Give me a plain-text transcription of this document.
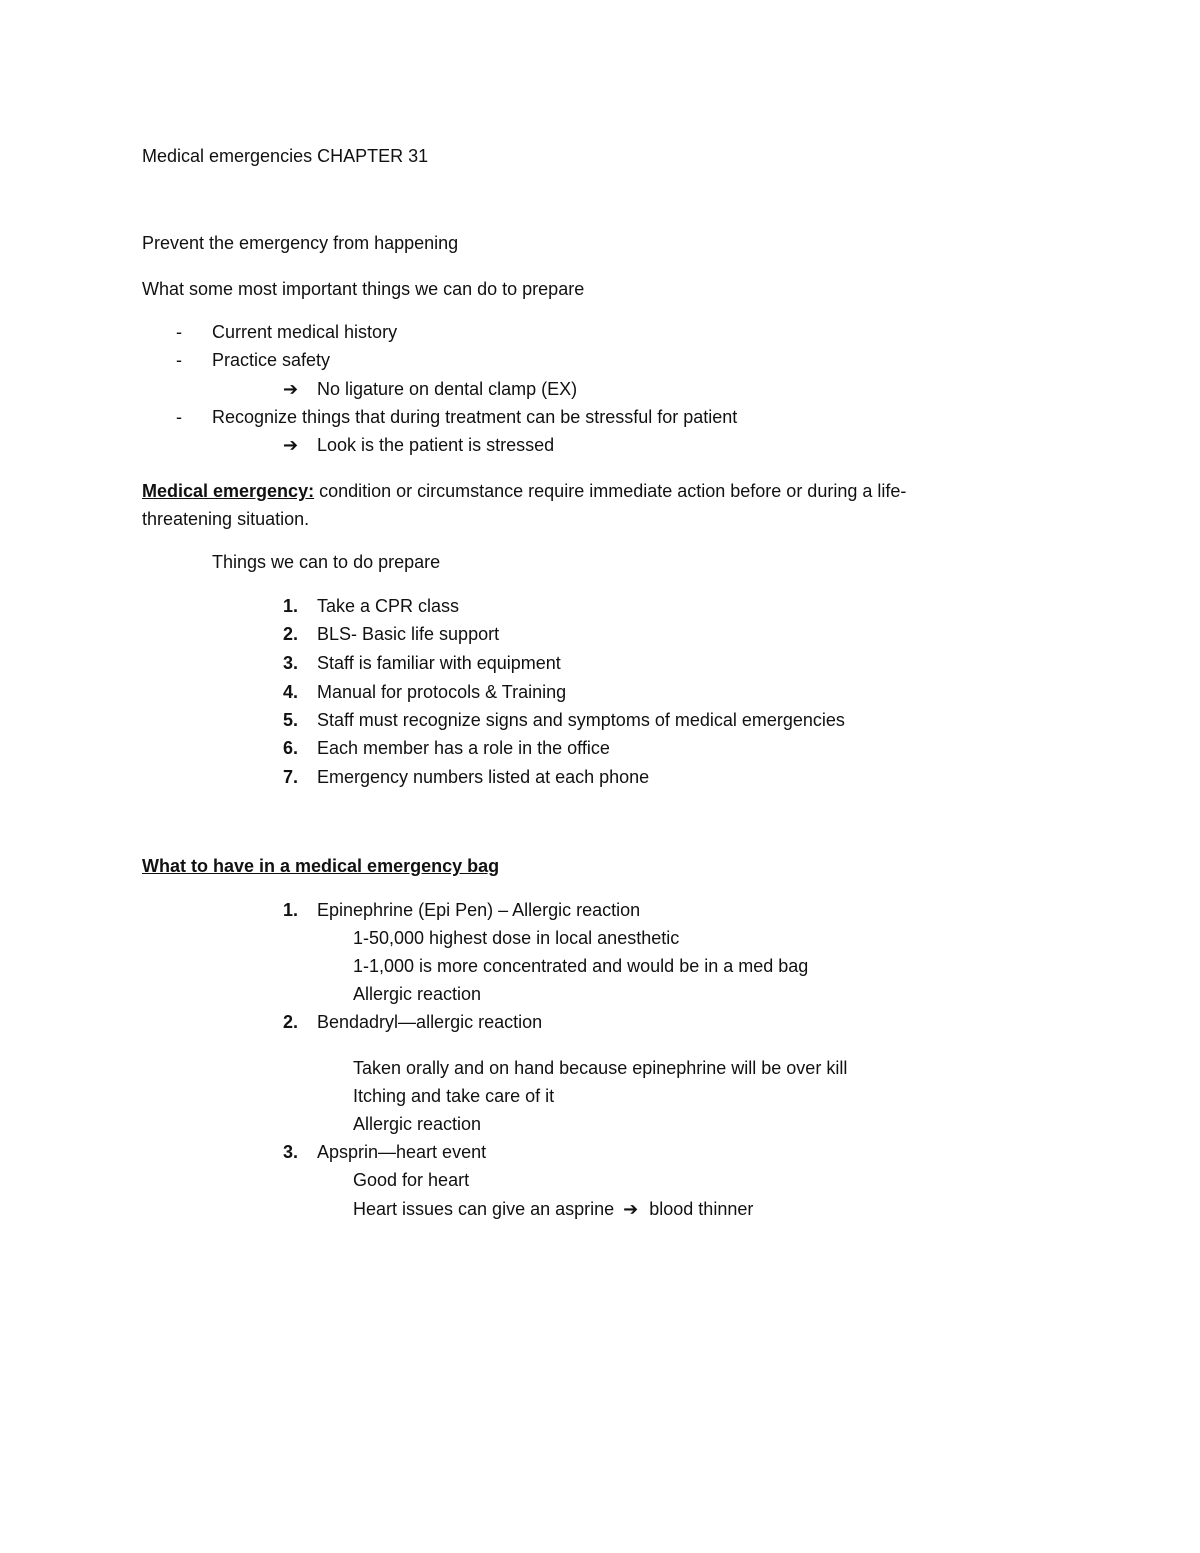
Medical emergencies CHAPTER 31
Prevent the emergency from happening
What some most important things we can do to prepare
- Current medical history
- Practice safety
➔ No ligature on dental clamp (EX)
- Recognize things that during treatment can be stressful for patient
➔ Look is the patient is stressed
Medical emergency: condition or circumstance require immediate action before or during a life-
threatening situation.
Things we can to do prepare
1. Take a CPR class
2. BLS- Basic life support
3. Staff is familiar with equipment
4. Manual for protocols & Training
5. Staff must recognize signs and symptoms of medical emergencies
6. Each member has a role in the office
7. Emergency numbers listed at each phone
What to have in a medical emergency bag
1. Epinephrine (Epi Pen) – Allergic reaction
1-50,000 highest dose in local anesthetic
1-1,000 is more concentrated and would be in a med bag
Allergic reaction
2. Bendadryl—allergic reaction
Taken orally and on hand because epinephrine will be over kill
Itching and take care of it
Allergic reaction
3. Apsprin—heart event
Good for heart
Heart issues can give an asprine ➔ blood thinner
